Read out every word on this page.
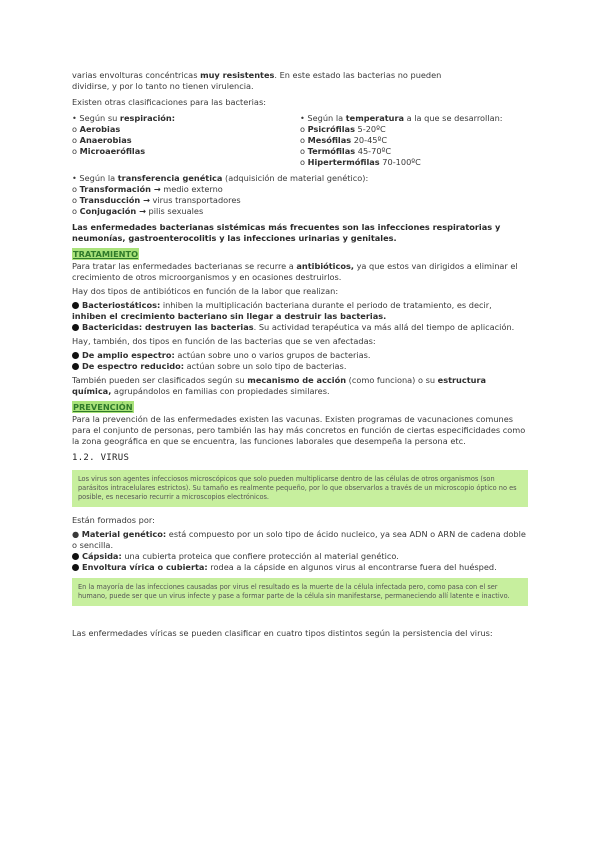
varias envolturas concéntricas muy resistentes. En este estado las bacterias no pueden
dividirse, y por lo tanto no tienen virulencia.

Existen otras clasificaciones para las bacterias:

• Según su respiración:

o Aerobias

o Anaerobias

o Microaerófilas

• Según la temperatura a la que se desarrollan:

o Psicrófilas 5-20ºC

o Mesófilas 20-45ºC

o Termófilas 45-70ºC

o Hipertermófilas 70-100ºC

• Según la transferencia genética (adquisición de material genético):

o Transformación → medio externo

o Transducción → virus transportadores

o Conjugación → pilis sexuales

Las enfermedades bacterianas sistémicas más frecuentes son las infecciones respiratorias y neumonías, gastroenterocolitis y las infecciones urinarias y genitales.

TRATAMIENTO

Para tratar las enfermedades bacterianas se recurre a antibióticos, ya que estos van dirigidos a eliminar el crecimiento de otros microorganismos y en ocasiones destruirlos.

Hay dos tipos de antibióticos en función de la labor que realizan:

Bacteriostáticos: inhiben la multiplicación bacteriana durante el periodo de tratamiento, es decir, inhiben el crecimiento bacteriano sin llegar a destruir las bacterias.

Bactericidas: destruyen las bacterias. Su actividad terapéutica va más allá del tiempo de aplicación.

Hay, también, dos tipos en función de las bacterias que se ven afectadas:

De amplio espectro: actúan sobre uno o varios grupos de bacterias.

De espectro reducido: actúan sobre un solo tipo de bacterias.

También pueden ser clasificados según su mecanismo de acción (como funciona) o su estructura química, agrupándolos en familias con propiedades similares.

PREVENCIÓN

Para la prevención de las enfermedades existen las vacunas. Existen programas de vacunaciones comunes para el conjunto de personas, pero también las hay más concretos en función de ciertas especificidades como la zona geográfica en que se encuentra, las funciones laborales que desempeña la persona etc.

1.2. VIRUS
Los virus son agentes infecciosos microscópicos que solo pueden multiplicarse dentro de las células de otros organismos (son parásitos intracelulares estrictos). Su tamaño es realmente pequeño, por lo que observarlos a través de un microscopio óptico no es posible, es necesario recurrir a microscopios electrónicos.

Están formados por:

● Material genético: está compuesto por un solo tipo de ácido nucleico, ya sea ADN o ARN de cadena doble o sencilla.

Cápsida: una cubierta proteica que confiere protección al material genético.

Envoltura vírica o cubierta: rodea a la cápside en algunos virus al encontrarse fuera del huésped.

En la mayoría de las infecciones causadas por virus el resultado es la muerte de la célula infectada pero, como pasa con el ser humano, puede ser que un virus infecte y pase a formar parte de la célula sin manifestarse, permaneciendo allí latente e inactivo.

Las enfermedades víricas se pueden clasificar en cuatro tipos distintos según la persistencia del virus:
